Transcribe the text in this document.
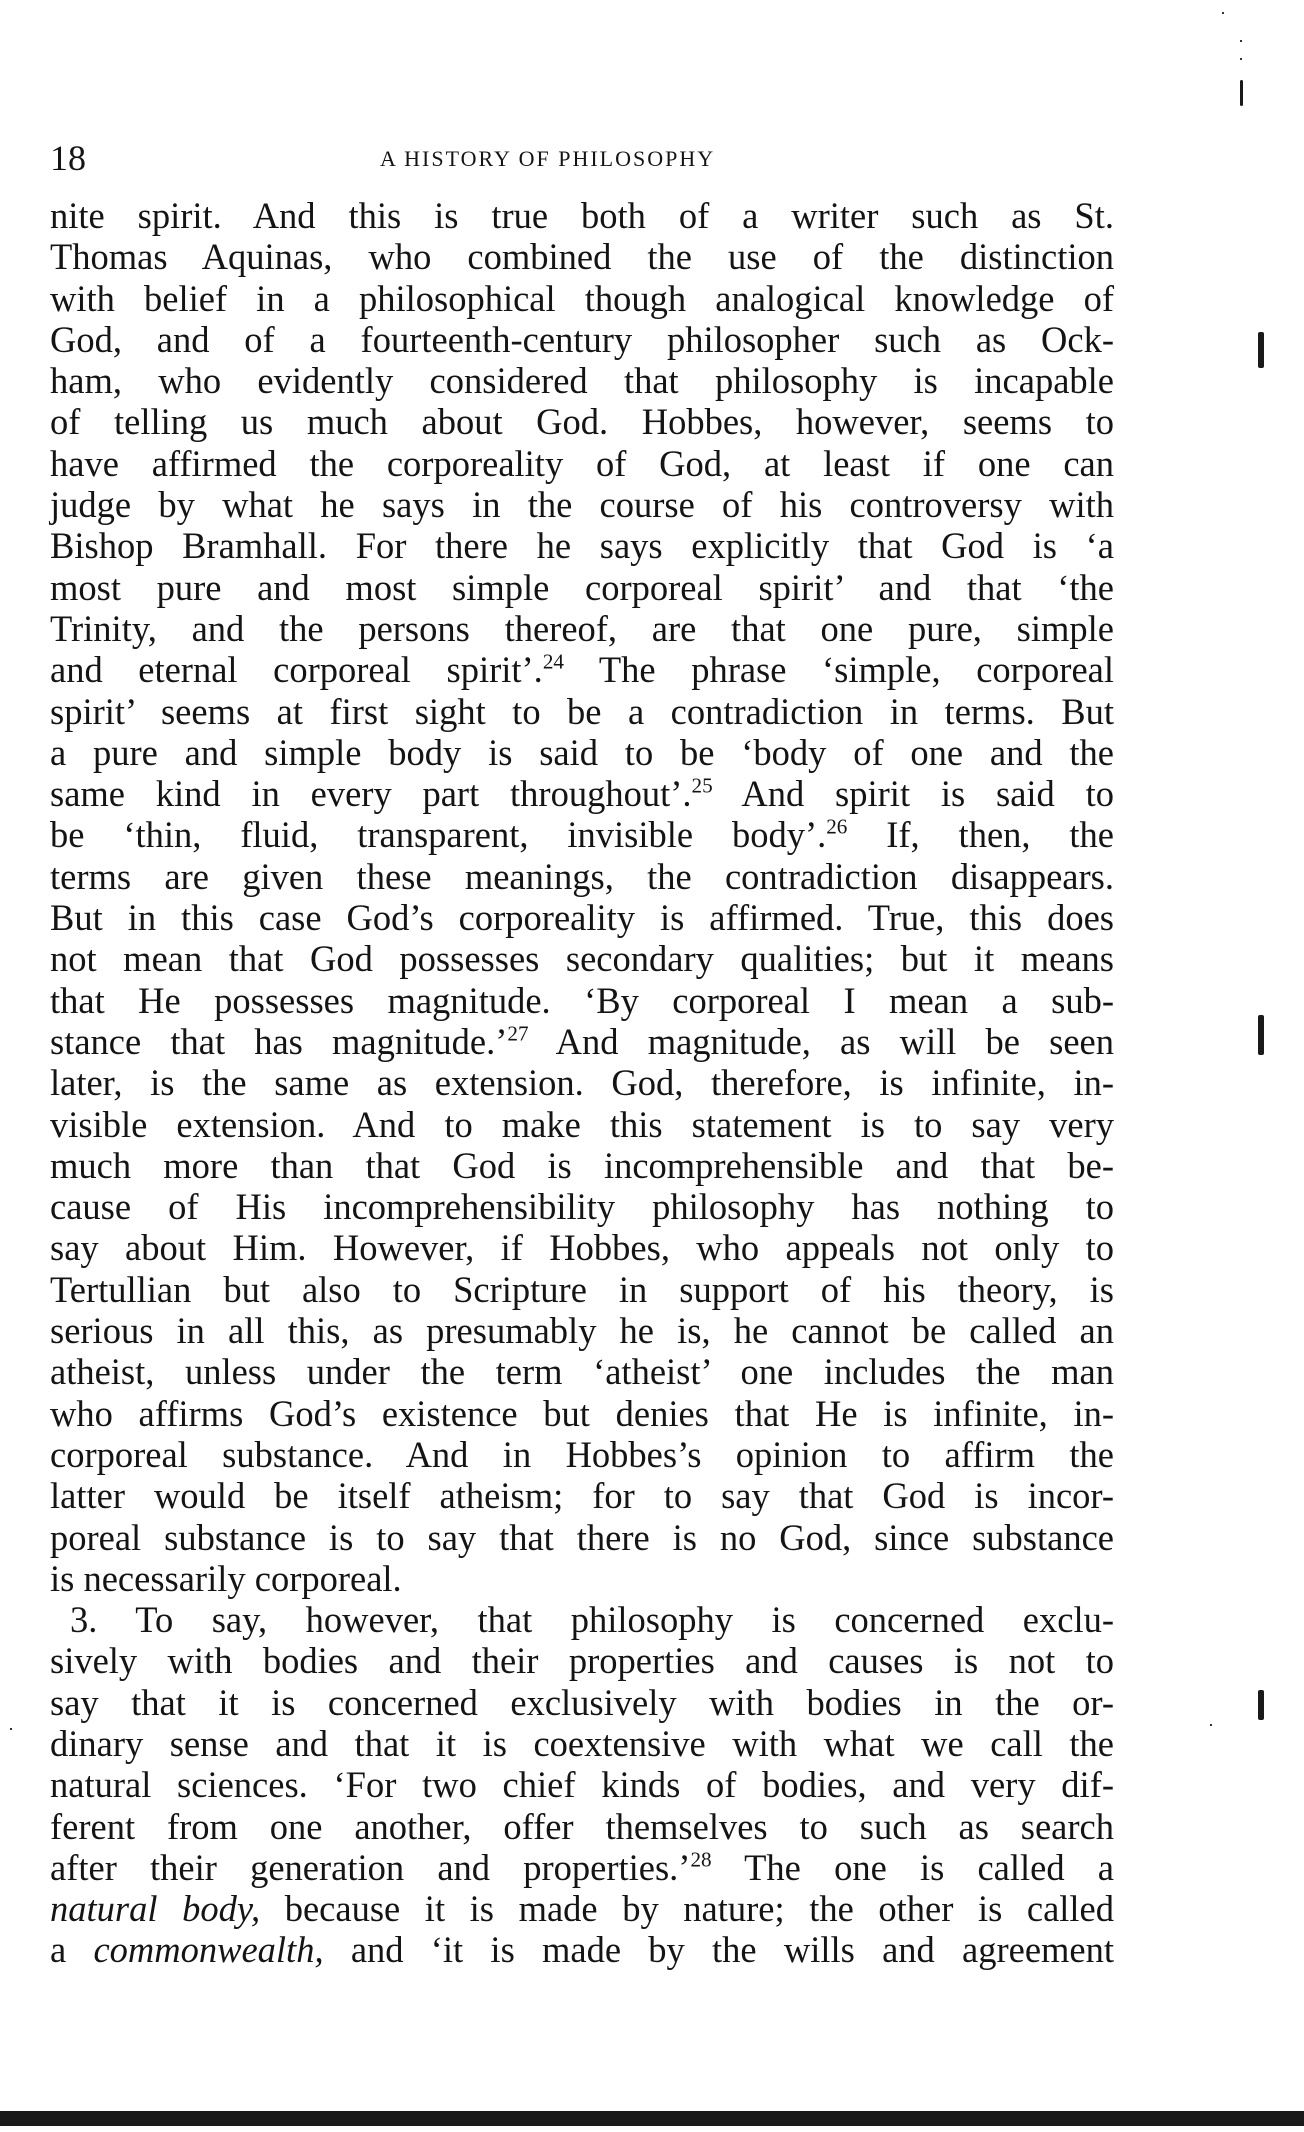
18	A HISTORY OF PHILOSOPHY
nite spirit. And this is true both of a writer such as St.
Thomas Aquinas, who combined the use of the distinction
with belief in a philosophical though analogical knowledge of
God, and of a fourteenth-century philosopher such as Ock-
ham, who evidently considered that philosophy is incapable
of telling us much about God. Hobbes, however, seems to
have affirmed the corporeality of God, at least if one can
judge by what he says in the course of his controversy with
Bishop Bramhall. For there he says explicitly that God is ‘a
most pure and most simple corporeal spirit’ and that ‘the
Trinity, and the persons thereof, are that one pure, simple
and eternal corporeal spirit’.$^{24}$ The phrase ‘simple, corporeal
spirit’ seems at first sight to be a contradiction in terms. But
a pure and simple body is said to be ‘body of one and the
same kind in every part throughout’.$^{25}$ And spirit is said to
be ‘thin, fluid, transparent, invisible body’.$^{26}$ If, then, the
terms are given these meanings, the contradiction disappears.
But in this case God’s corporeality is affirmed. True, this does
not mean that God possesses secondary qualities; but it means
that He possesses magnitude. ‘By corporeal I mean a sub-
stance that has magnitude.’$^{27}$ And magnitude, as will be seen
later, is the same as extension. God, therefore, is infinite, in-
visible extension. And to make this statement is to say very
much more than that God is incomprehensible and that be-
cause of His incomprehensibility philosophy has nothing to
say about Him. However, if Hobbes, who appeals not only to
Tertullian but also to Scripture in support of his theory, is
serious in all this, as presumably he is, he cannot be called an
atheist, unless under the term ‘atheist’ one includes the man
who affirms God’s existence but denies that He is infinite, in-
corporeal substance. And in Hobbes’s opinion to affirm the
latter would be itself atheism; for to say that God is incor-
poreal substance is to say that there is no God, since substance
is necessarily corporeal.
3. To say, however, that philosophy is concerned exclu-
sively with bodies and their properties and causes is not to
say that it is concerned exclusively with bodies in the or-
dinary sense and that it is coextensive with what we call the
natural sciences. ‘For two chief kinds of bodies, and very dif-
ferent from one another, offer themselves to such as search
after their generation and properties.’$^{28}$ The one is called a
natural body, because it is made by nature; the other is called
a commonwealth, and ‘it is made by the wills and agreement
